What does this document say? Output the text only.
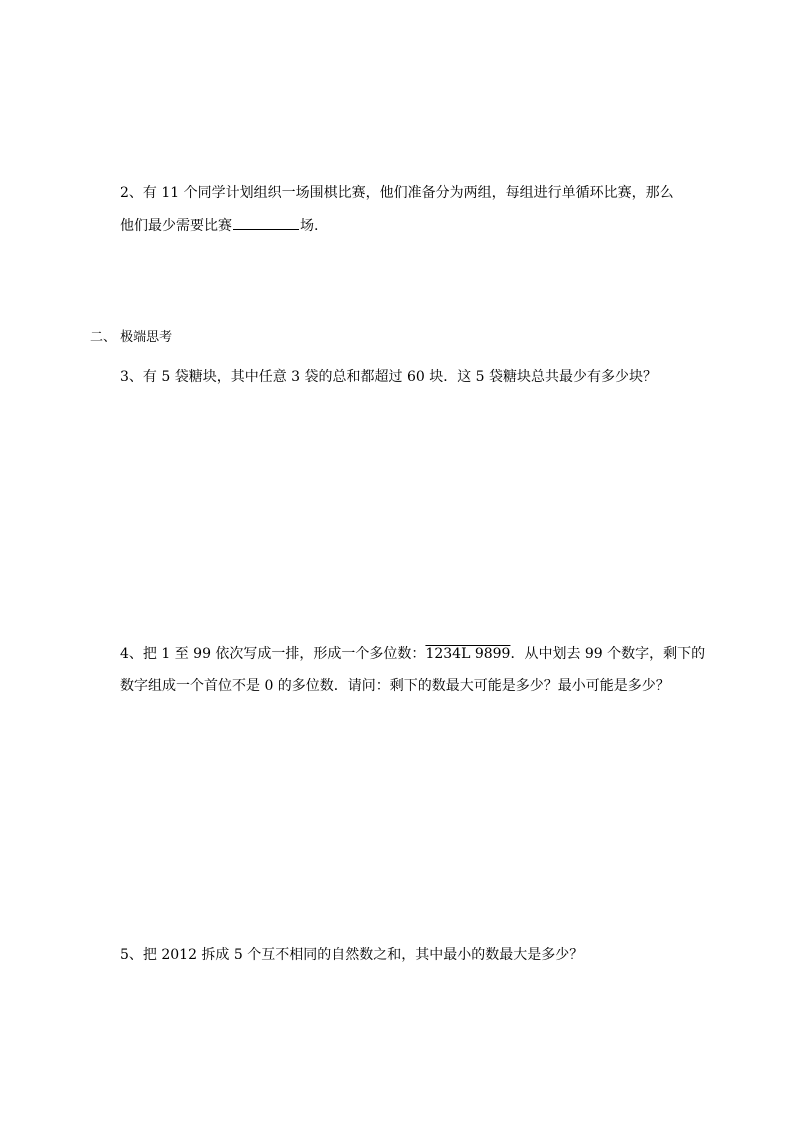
2、有 11 个同学计划组织一场围棋比赛，他们准备分为两组，每组进行单循环比赛，那么
他们最少需要比赛	场.
二、 极端思考
3、有 5 袋糖块，其中任意 3 袋的总和都超过 60 块．这 5 袋糖块总共最少有多少块？
4、把 1 至 99 依次写成一排，形成一个多位数：1234L 9899．从中划去 99 个数字，剩下的
数字组成一个首位不是 0 的多位数．请问：剩下的数最大可能是多少？最小可能是多少？
5、把 2012 拆成 5 个互不相同的自然数之和，其中最小的数最大是多少？
